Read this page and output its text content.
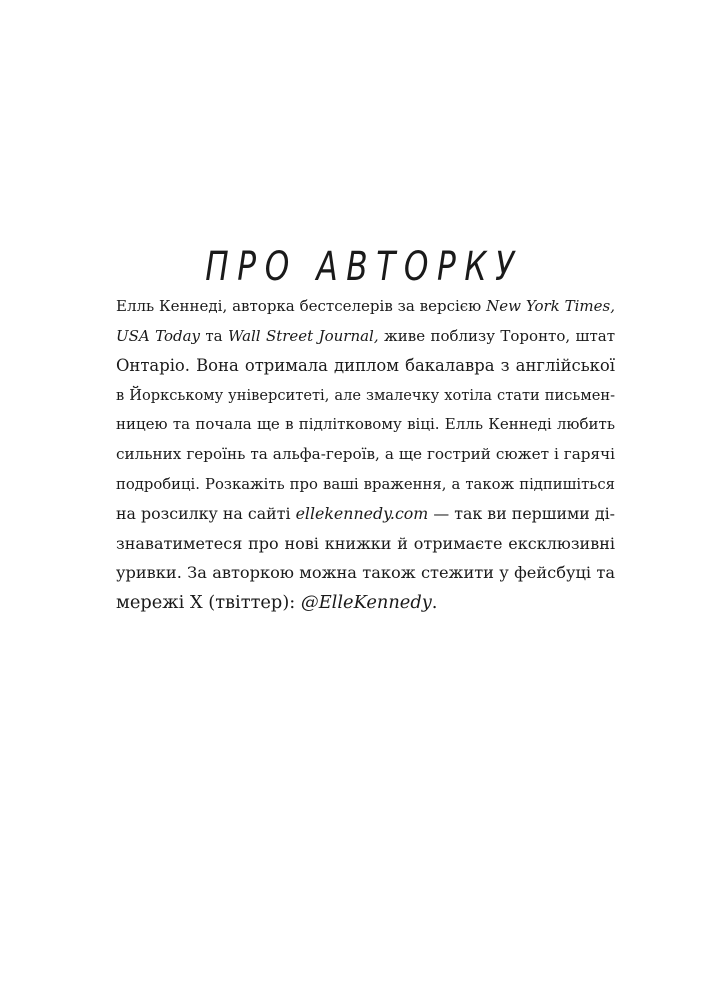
ПРО АВТОРКУ
Елль Кеннеді, авторка бестселерів за версією New York Times,
USA Today та Wall Street Journal, живе поблизу Торонто, штат
Онтаріо. Вона отримала диплом бакалавра з англійської
в Йоркському університеті, але змалечку хотіла стати письмен-
ницею та почала ще в підлітковому віці. Елль Кеннеді любить
сильних героїнь та альфа-героїв, а ще гострий сюжет і гарячі
подробиці. Розкажіть про ваші враження, а також підпишіться
на розсилку на сайті ellekennedy.com — так ви першими ді-
знаватиметеся про нові книжки й отримаєте ексклюзивні
уривки. За авторкою можна також стежити у фейсбуці та
мережі X (твіттер): @ElleKennedy.
